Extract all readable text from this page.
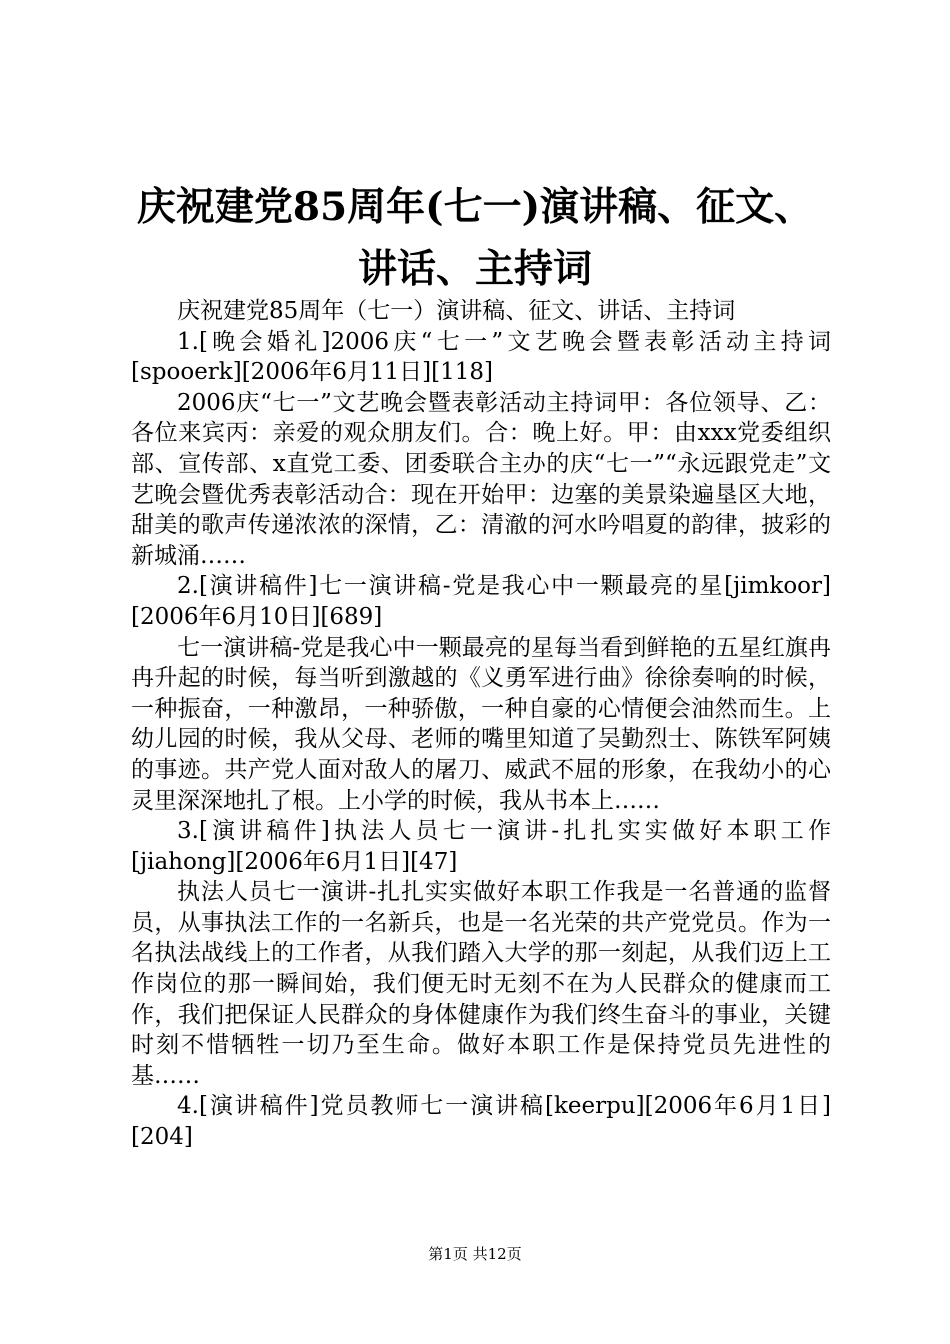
庆祝建党85周年(七一)演讲稿、征文、讲话、主持词

庆祝建党85周年（七一）演讲稿、征文、讲话、主持词

1.[晚会婚礼]2006庆“七一”文艺晚会暨表彰活动主持词[spooerk][2006年6月11日][118]

2006庆“七一”文艺晚会暨表彰活动主持词甲：各位领导、乙：各位来宾丙：亲爱的观众朋友们。合：晚上好。甲：由xxx党委组织部、宣传部、x直党工委、团委联合主办的庆“七一”“永远跟党走”文艺晚会暨优秀表彰活动合：现在开始甲：边塞的美景染遍垦区大地，甜美的歌声传递浓浓的深情，乙：清澈的河水吟唱夏的韵律，披彩的新城涌……

2.[演讲稿件]七一演讲稿-党是我心中一颗最亮的星[jimkoor][2006年6月10日][689]

七一演讲稿-党是我心中一颗最亮的星每当看到鲜艳的五星红旗冉冉升起的时候，每当听到激越的《义勇军进行曲》徐徐奏响的时候，一种振奋，一种激昂，一种骄傲，一种自豪的心情便会油然而生。上幼儿园的时候，我从父母、老师的嘴里知道了吴勤烈士、陈铁军阿姨的事迹。共产党人面对敌人的屠刀、威武不屈的形象，在我幼小的心灵里深深地扎了根。上小学的时候，我从书本上……

3.[演讲稿件]执法人员七一演讲-扎扎实实做好本职工作[jiahong][2006年6月1日][47]

执法人员七一演讲-扎扎实实做好本职工作我是一名普通的监督员，从事执法工作的一名新兵，也是一名光荣的共产党党员。作为一名执法战线上的工作者，从我们踏入大学的那一刻起，从我们迈上工作岗位的那一瞬间始，我们便无时无刻不在为人民群众的健康而工作，我们把保证人民群众的身体健康作为我们终生奋斗的事业，关键时刻不惜牺牲一切乃至生命。做好本职工作是保持党员先进性的基……

4.[演讲稿件]党员教师七一演讲稿[keerpu][2006年6月1日][204]

第1页 共12页
